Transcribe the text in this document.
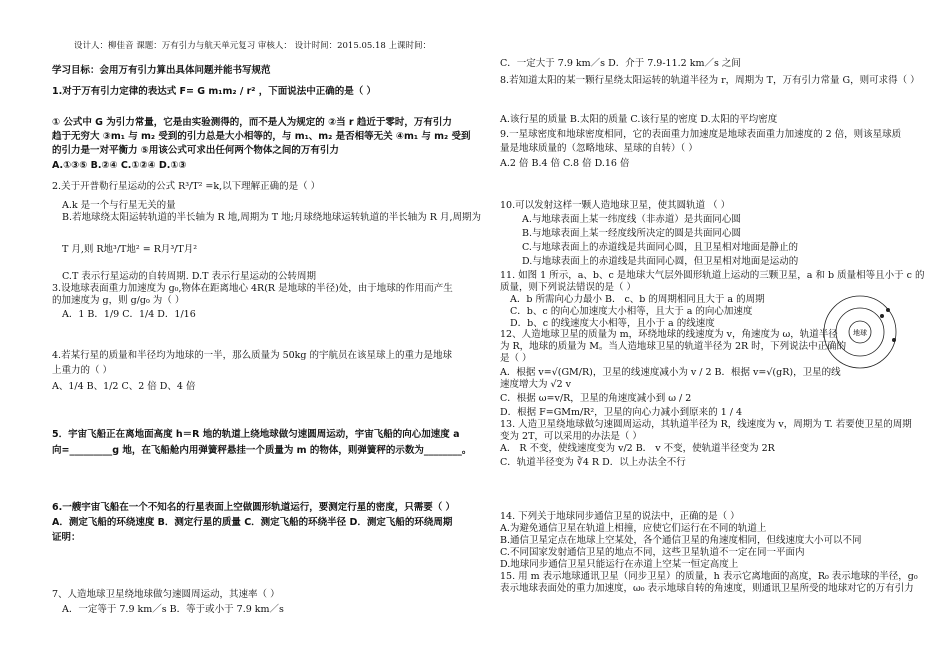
设计人：柳佳音 课题：万有引力与航天单元复习 审核人： 设计时间：2015.05.18 上课时间：
学习目标：会用万有引力算出具体问题并能书写规范
1.对于万有引力定律的表达式 F= G m₁m₂ / r² ，下面说法中正确的是（ ）
① 公式中 G 为引力常量，它是由实验测得的，而不是人为规定的 ②当 r 趋近于零时，万有引力
趋于无穷大 ③m₁ 与 m₂ 受到的引力总是大小相等的，与 m₁、m₂ 是否相等无关 ④m₁ 与 m₂ 受到
的引力是一对平衡力 ⑤用该公式可求出任何两个物体之间的万有引力
A.①③⑤ B.②④ C.①②④ D.①③
2.关于开普勒行星运动的公式 R³/T² =k,以下理解正确的是（ ）
A.k 是一个与行星无关的量
B.若地球绕太阳运转轨道的半长轴为 R 地,周期为 T 地;月球绕地球运转轨道的半长轴为 R 月,周期为
T 月,则 R地³/T地² = R月³/T月²
C.T 表示行星运动的自转周期. D.T 表示行星运动的公转周期
3.设地球表面重力加速度为 g₀,物体在距离地心 4R(R 是地球的半径)处，由于地球的作用而产生
的加速度为 g，则 g/g₀ 为（ ）
A．1 B．1/9 C．1/4 D．1/16
4.若某行星的质量和半径均为地球的一半，那么质量为 50kg 的宇航员在该星球上的重力是地球
上重力的（ ）
A、1/4 B、1/2 C、2 倍 D、4 倍
5．宇宙飞船正在离地面高度 h＝R 地的轨道上绕地球做匀速圆周运动，宇宙飞船的向心加速度 a
向=_________g 地，在飞船舱内用弹簧秤悬挂一个质量为 m 的物体，则弹簧秤的示数为________。
6.一艘宇宙飞船在一个不知名的行星表面上空做圆形轨道运行，要测定行星的密度，只需要（ ）
A．测定飞船的环绕速度 B．测定行星的质量 C．测定飞船的环绕半径 D．测定飞船的环绕周期
证明：
7、人造地球卫星绕地球做匀速圆周运动，其速率（ ）
A．一定等于 7.9 km／s B．等于或小于 7.9 km／s
C．一定大于 7.9 km／s D．介于 7.9-11.2 km／s 之间
8.若知道太阳的某一颗行星绕太阳运转的轨道半径为 r，周期为 T，万有引力常量 G，则可求得（ ）
A.该行星的质量 B.太阳的质量 C.该行星的密度 D.太阳的平均密度
9.一星球密度和地球密度相同，它的表面重力加速度是地球表面重力加速度的 2 倍，则该星球质
量是地球质量的（忽略地球、星球的自转）（ ）
A.2 倍 B.4 倍 C.8 倍 D.16 倍
10.可以发射这样一颗人造地球卫星，使其圆轨道 （ ）
A.与地球表面上某一纬度线（非赤道）是共面同心圆
B.与地球表面上某一经度线所决定的圆是共面同心圆
C.与地球表面上的赤道线是共面同心圆，且卫星相对地面是静止的
D.与地球表面上的赤道线是共面同心圆，但卫星相对地面是运动的
11. 如图 1 所示，a、b、c 是地球大气层外圆形轨道上运动的三颗卫星，a 和 b 质量相等且小于 c 的
质量，则下列说法错误的是（ ）
A．b 所需向心力最小 B． c、b 的周期相同且大于 a 的周期
C．b、c 的向心加速度大小相等，且大于 a 的向心加速度
D．b、c 的线速度大小相等，且小于 a 的线速度
12、人造地球卫星的质量为 m，环绕地球的线速度为 v，角速度为 ω，轨道半径
为 R，地球的质量为 M。当人造地球卫星的轨道半径为 2R 时，下列说法中正确的
是（ ）
A．根据 v=√(GM/R)，卫星的线速度减小为 v / 2 B．根据 v=√(gR)，卫星的线
速度增大为 √2 v
C．根据 ω=v/R，卫星的角速度减小到 ω / 2
D．根据 F=GMm/R²，卫星的向心力减小到原来的 1 / 4
13. 人造卫星绕地球做匀速圆周运动，其轨道半径为 R，线速度为 v，周期为 T. 若要使卫星的周期
变为 2T，可以采用的办法是（ ）
A． R 不变，使线速度变为 v/2 B． v 不变，使轨道半径变为 2R
C．轨道半径变为 ∛4 R D．以上办法全不行
14. 下列关于地球同步通信卫星的说法中，正确的是（ ）
A.为避免通信卫星在轨道上相撞，应使它们运行在不同的轨道上
B.通信卫星定点在地球上空某处，各个通信卫星的角速度相同，但线速度大小可以不同
C.不同国家发射通信卫星的地点不同，这些卫星轨道不一定在同一平面内
D.地球同步通信卫星只能运行在赤道上空某一恒定高度上
15. 用 m 表示地球通讯卫星（同步卫星）的质量，h 表示它离地面的高度，R₀ 表示地球的半径，g₀
表示地球表面处的重力加速度，ω₀ 表示地球自转的角速度，则通讯卫星所受的地球对它的万有引力
地球
